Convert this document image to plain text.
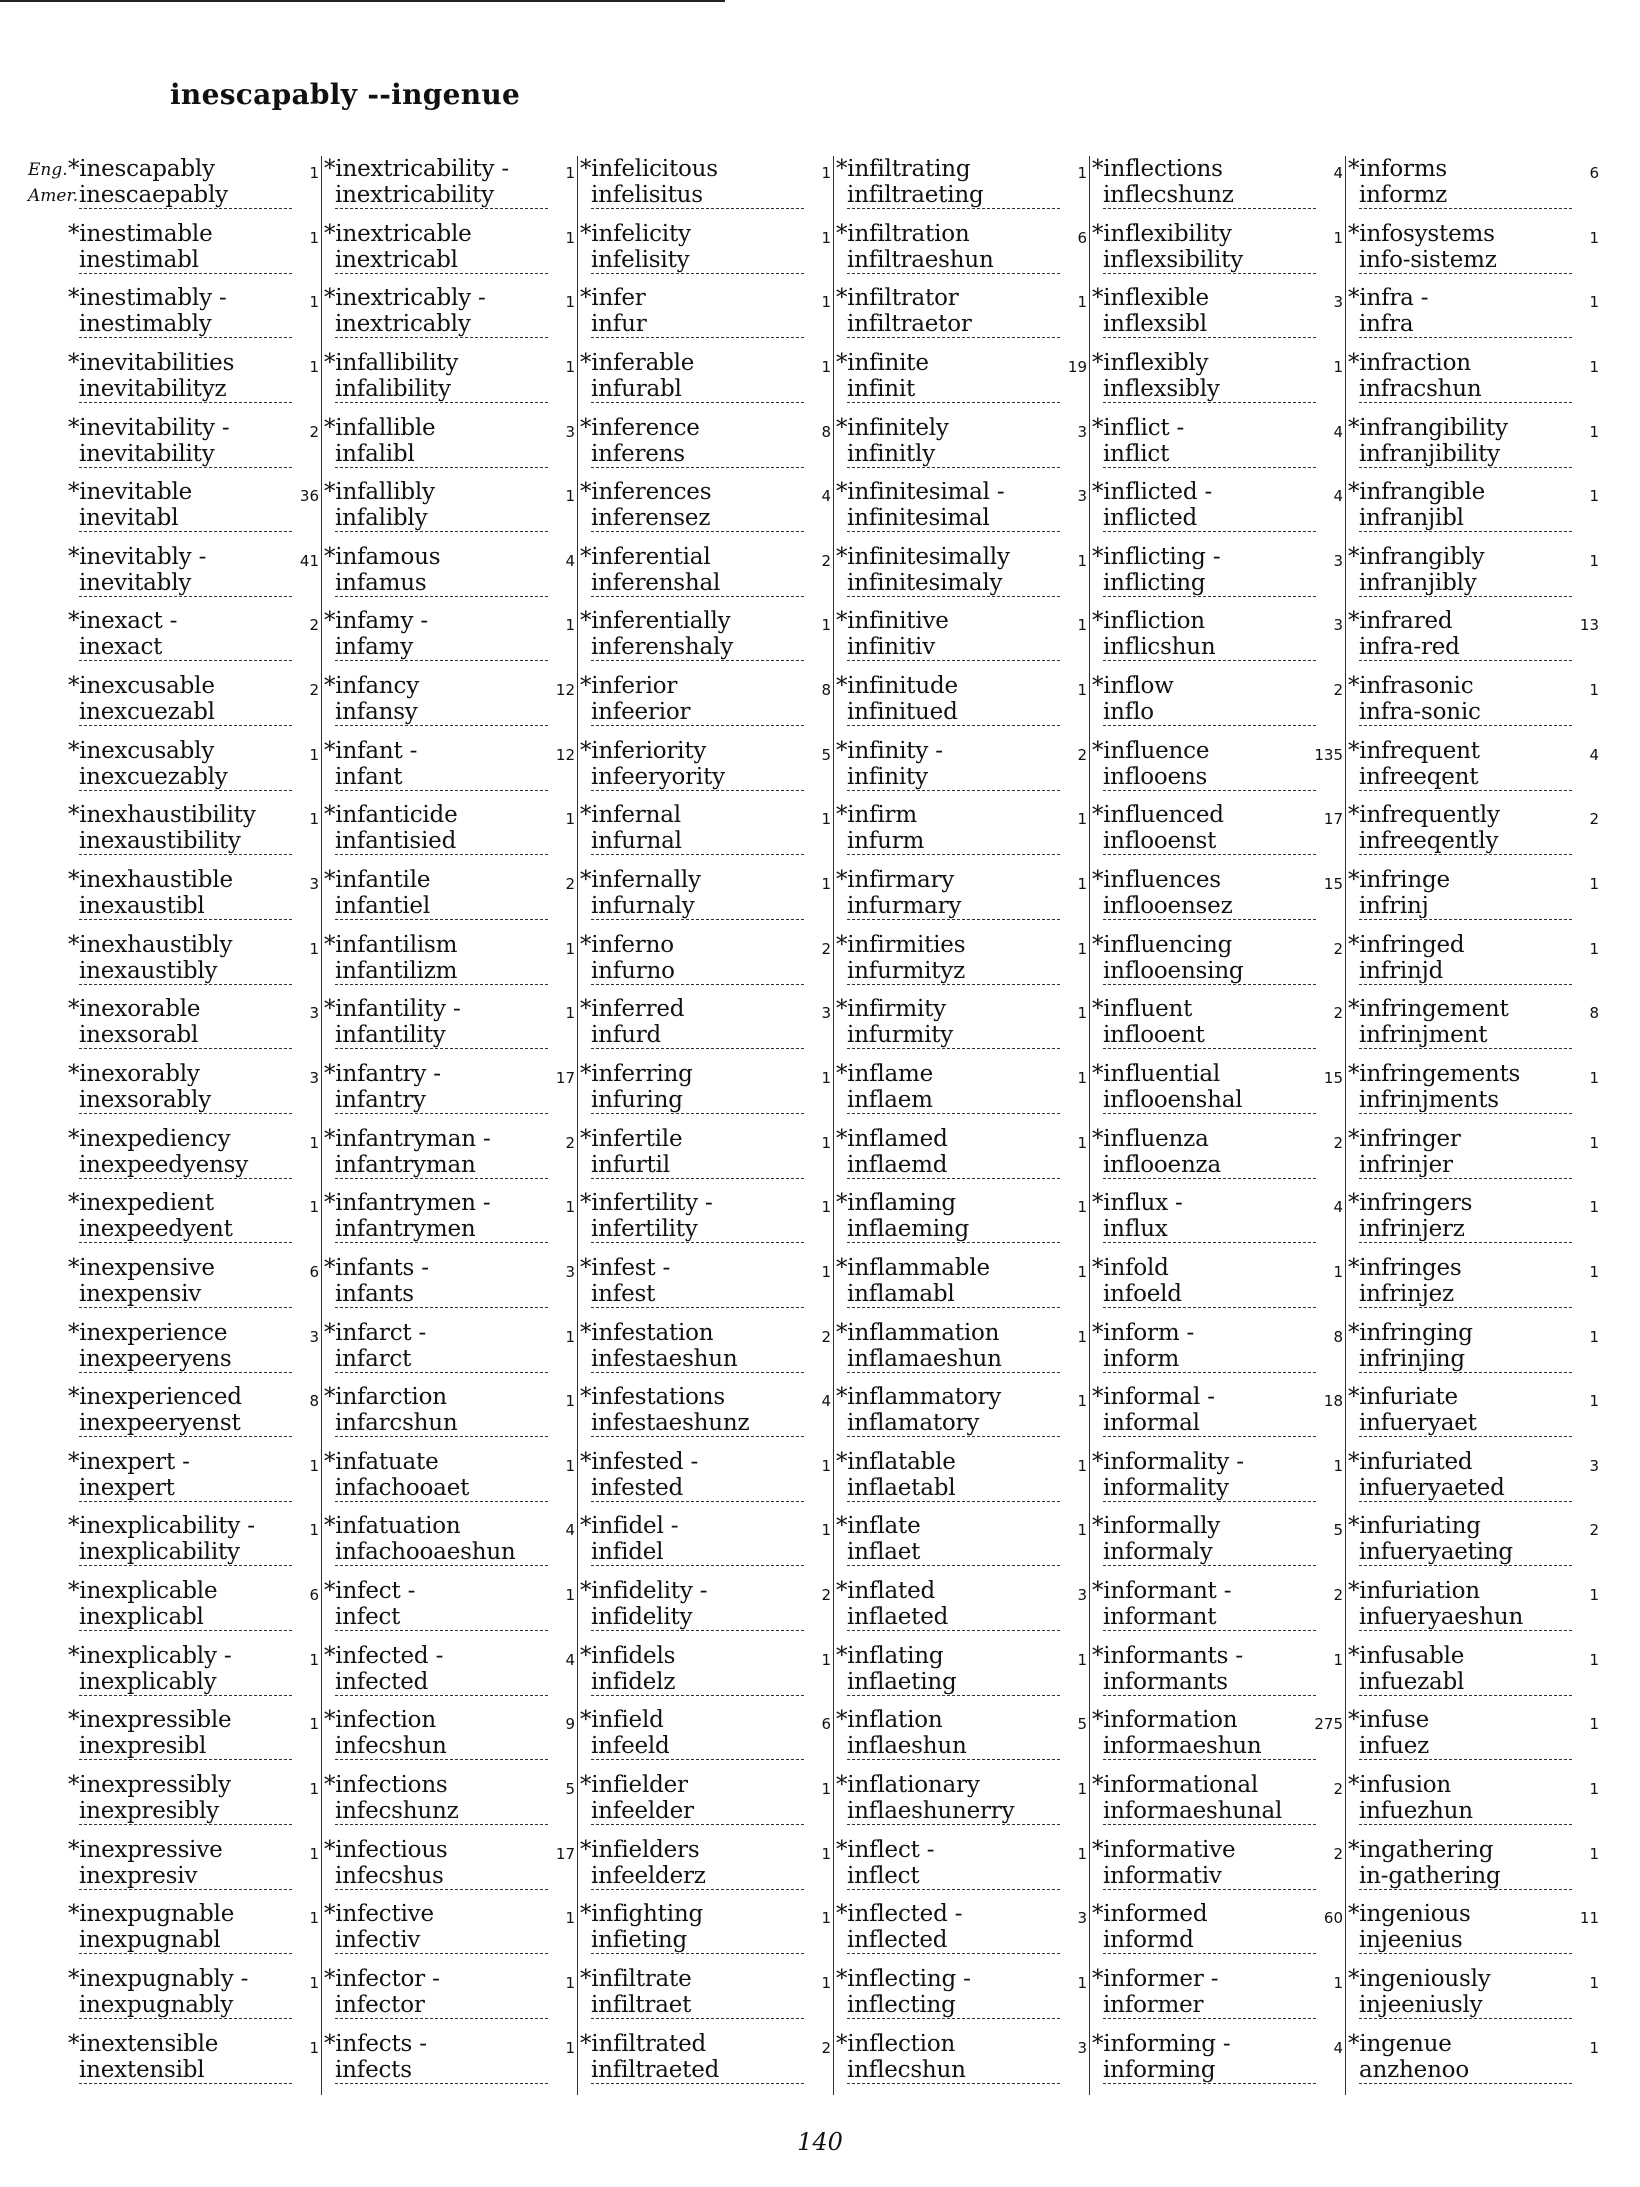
inescapably --ingenue
Eng.
Amer.
*inescapably
inescaepably
1
*inestimable
inestimabl
1
*inestimably -
inestimably
1
*inevitabilities
inevitabilityz
1
*inevitability -
inevitability
2
*inevitable
inevitabl
36
*inevitably -
inevitably
41
*inexact -
inexact
2
*inexcusable
inexcuezabl
2
*inexcusably
inexcuezably
1
*inexhaustibility
inexaustibility
1
*inexhaustible
inexaustibl
3
*inexhaustibly
inexaustibly
1
*inexorable
inexsorabl
3
*inexorably
inexsorably
3
*inexpediency
inexpeedyensy
1
*inexpedient
inexpeedyent
1
*inexpensive
inexpensiv
6
*inexperience
inexpeeryens
3
*inexperienced
inexpeeryenst
8
*inexpert -
inexpert
1
*inexplicability -
inexplicability
1
*inexplicable
inexplicabl
6
*inexplicably -
inexplicably
1
*inexpressible
inexpresibl
1
*inexpressibly
inexpresibly
1
*inexpressive
inexpresiv
1
*inexpugnable
inexpugnabl
1
*inexpugnably -
inexpugnably
1
*inextensible
inextensibl
1
*inextricability -
inextricability
1
*inextricable
inextricabl
1
*inextricably -
inextricably
1
*infallibility
infalibility
1
*infallible
infalibl
3
*infallibly
infalibly
1
*infamous
infamus
4
*infamy -
infamy
1
*infancy
infansy
12
*infant -
infant
12
*infanticide
infantisied
1
*infantile
infantiel
2
*infantilism
infantilizm
1
*infantility -
infantility
1
*infantry -
infantry
17
*infantryman -
infantryman
2
*infantrymen -
infantrymen
1
*infants -
infants
3
*infarct -
infarct
1
*infarction
infarcshun
1
*infatuate
infachooaet
1
*infatuation
infachooaeshun
4
*infect -
infect
1
*infected -
infected
4
*infection
infecshun
9
*infections
infecshunz
5
*infectious
infecshus
17
*infective
infectiv
1
*infector -
infector
1
*infects -
infects
1
*infelicitous
infelisitus
1
*infelicity
infelisity
1
*infer
infur
1
*inferable
infurabl
1
*inference
inferens
8
*inferences
inferensez
4
*inferential
inferenshal
2
*inferentially
inferenshaly
1
*inferior
infeerior
8
*inferiority
infeeryority
5
*infernal
infurnal
1
*infernally
infurnaly
1
*inferno
infurno
2
*inferred
infurd
3
*inferring
infuring
1
*infertile
infurtil
1
*infertility -
infertility
1
*infest -
infest
1
*infestation
infestaeshun
2
*infestations
infestaeshunz
4
*infested -
infested
1
*infidel -
infidel
1
*infidelity -
infidelity
2
*infidels
infidelz
1
*infield
infeeld
6
*infielder
infeelder
1
*infielders
infeelderz
1
*infighting
infieting
1
*infiltrate
infiltraet
1
*infiltrated
infiltraeted
2
*infiltrating
infiltraeting
1
*infiltration
infiltraeshun
6
*infiltrator
infiltraetor
1
*infinite
infinit
19
*infinitely
infinitly
3
*infinitesimal -
infinitesimal
3
*infinitesimally
infinitesimaly
1
*infinitive
infinitiv
1
*infinitude
infinitued
1
*infinity -
infinity
2
*infirm
infurm
1
*infirmary
infurmary
1
*infirmities
infurmityz
1
*infirmity
infurmity
1
*inflame
inflaem
1
*inflamed
inflaemd
1
*inflaming
inflaeming
1
*inflammable
inflamabl
1
*inflammation
inflamaeshun
1
*inflammatory
inflamatory
1
*inflatable
inflaetabl
1
*inflate
inflaet
1
*inflated
inflaeted
3
*inflating
inflaeting
1
*inflation
inflaeshun
5
*inflationary
inflaeshunerry
1
*inflect -
inflect
1
*inflected -
inflected
3
*inflecting -
inflecting
1
*inflection
inflecshun
3
*inflections
inflecshunz
4
*inflexibility
inflexsibility
1
*inflexible
inflexsibl
3
*inflexibly
inflexsibly
1
*inflict -
inflict
4
*inflicted -
inflicted
4
*inflicting -
inflicting
3
*infliction
inflicshun
3
*inflow
inflo
2
*influence
inflooens
135
*influenced
inflooenst
17
*influences
inflooensez
15
*influencing
inflooensing
2
*influent
inflooent
2
*influential
inflooenshal
15
*influenza
inflooenza
2
*influx -
influx
4
*infold
infoeld
1
*inform -
inform
8
*informal -
informal
18
*informality -
informality
1
*informally
informaly
5
*informant -
informant
2
*informants -
informants
1
*information
informaeshun
275
*informational
informaeshunal
2
*informative
informativ
2
*informed
informd
60
*informer -
informer
1
*informing -
informing
4
*informs
informz
6
*infosystems
info-sistemz
1
*infra -
infra
1
*infraction
infracshun
1
*infrangibility
infranjibility
1
*infrangible
infranjibl
1
*infrangibly
infranjibly
1
*infrared
infra-red
13
*infrasonic
infra-sonic
1
*infrequent
infreeqent
4
*infrequently
infreeqently
2
*infringe
infrinj
1
*infringed
infrinjd
1
*infringement
infrinjment
8
*infringements
infrinjments
1
*infringer
infrinjer
1
*infringers
infrinjerz
1
*infringes
infrinjez
1
*infringing
infrinjing
1
*infuriate
infueryaet
1
*infuriated
infueryaeted
3
*infuriating
infueryaeting
2
*infuriation
infueryaeshun
1
*infusable
infuezabl
1
*infuse
infuez
1
*infusion
infuezhun
1
*ingathering
in-gathering
1
*ingenious
injeenius
11
*ingeniously
injeeniusly
1
*ingenue
anzhenoo
1
140
